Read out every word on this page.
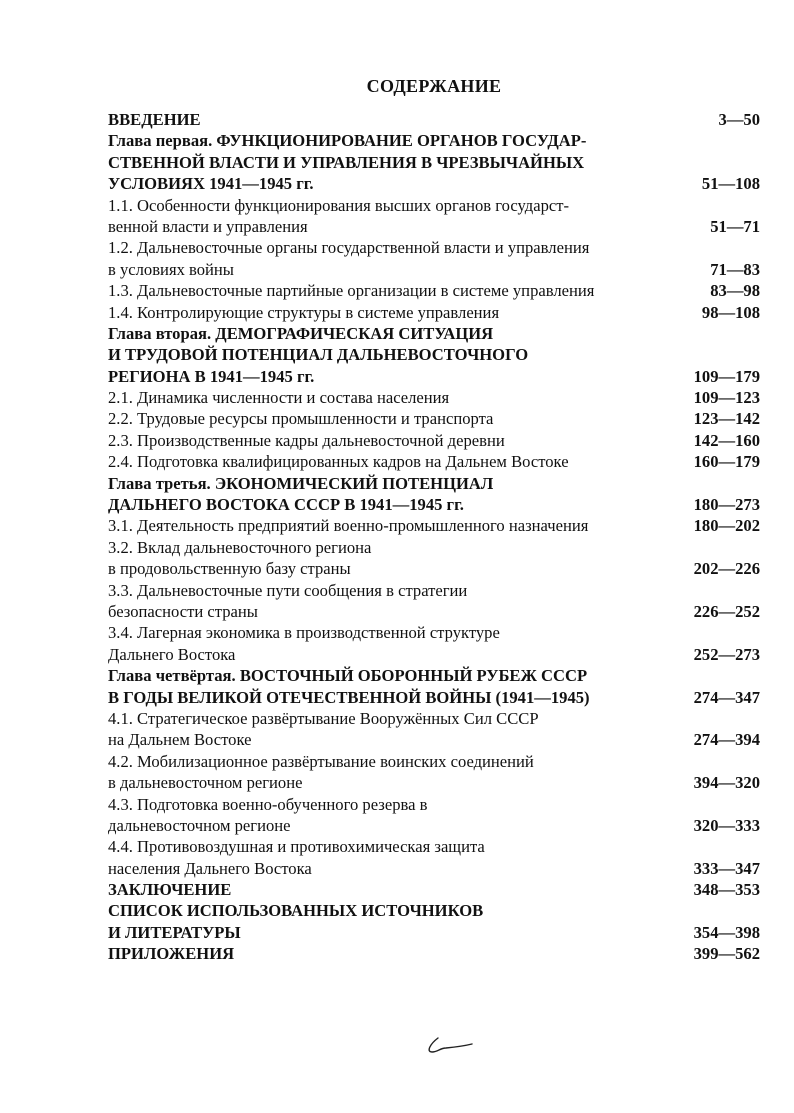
СОДЕРЖАНИЕ
ВВЕДЕНИЕ	3—50
Глава первая. ФУНКЦИОНИРОВАНИЕ ОРГАНОВ ГОСУДАР-
СТВЕННОЙ ВЛАСТИ И УПРАВЛЕНИЯ В ЧРЕЗВЫЧАЙНЫХ
УСЛОВИЯХ 1941—1945 гг.	51—108
1.1. Особенности функционирования высших органов государст-
венной власти и управления	51—71
1.2. Дальневосточные органы государственной власти и управления
в условиях войны	71—83
1.3. Дальневосточные партийные организации в системе управления	83—98
1.4. Контролирующие структуры в системе управления	98—108
Глава вторая. ДЕМОГРАФИЧЕСКАЯ СИТУАЦИЯ
И ТРУДОВОЙ ПОТЕНЦИАЛ ДАЛЬНЕВОСТОЧНОГО
РЕГИОНА В 1941—1945 гг.	109—179
2.1. Динамика численности и состава населения	109—123
2.2. Трудовые ресурсы промышленности и транспорта	123—142
2.3. Производственные кадры дальневосточной деревни	142—160
2.4. Подготовка квалифицированных кадров на Дальнем Востоке	160—179
Глава третья. ЭКОНОМИЧЕСКИЙ ПОТЕНЦИАЛ
ДАЛЬНЕГО ВОСТОКА СССР В 1941—1945 гг.	180—273
3.1. Деятельность предприятий военно-промышленного назначения	180—202
3.2. Вклад дальневосточного региона
в продовольственную базу страны	202—226
3.3. Дальневосточные пути сообщения в стратегии
безопасности страны	226—252
3.4. Лагерная экономика в производственной структуре
Дальнего Востока	252—273
Глава четвёртая. ВОСТОЧНЫЙ ОБОРОННЫЙ РУБЕЖ СССР
В ГОДЫ ВЕЛИКОЙ ОТЕЧЕСТВЕННОЙ ВОЙНЫ (1941—1945)	274—347
4.1. Стратегическое развёртывание Вооружённых Сил СССР
на Дальнем Востоке	274—394
4.2. Мобилизационное развёртывание воинских соединений
в дальневосточном регионе	394—320
4.3. Подготовка военно-обученного резерва в
дальневосточном регионе	320—333
4.4. Противовоздушная и противохимическая защита
населения Дальнего Востока	333—347
ЗАКЛЮЧЕНИЕ	348—353
СПИСОК ИСПОЛЬЗОВАННЫХ ИСТОЧНИКОВ
И ЛИТЕРАТУРЫ	354—398
ПРИЛОЖЕНИЯ	399—562
